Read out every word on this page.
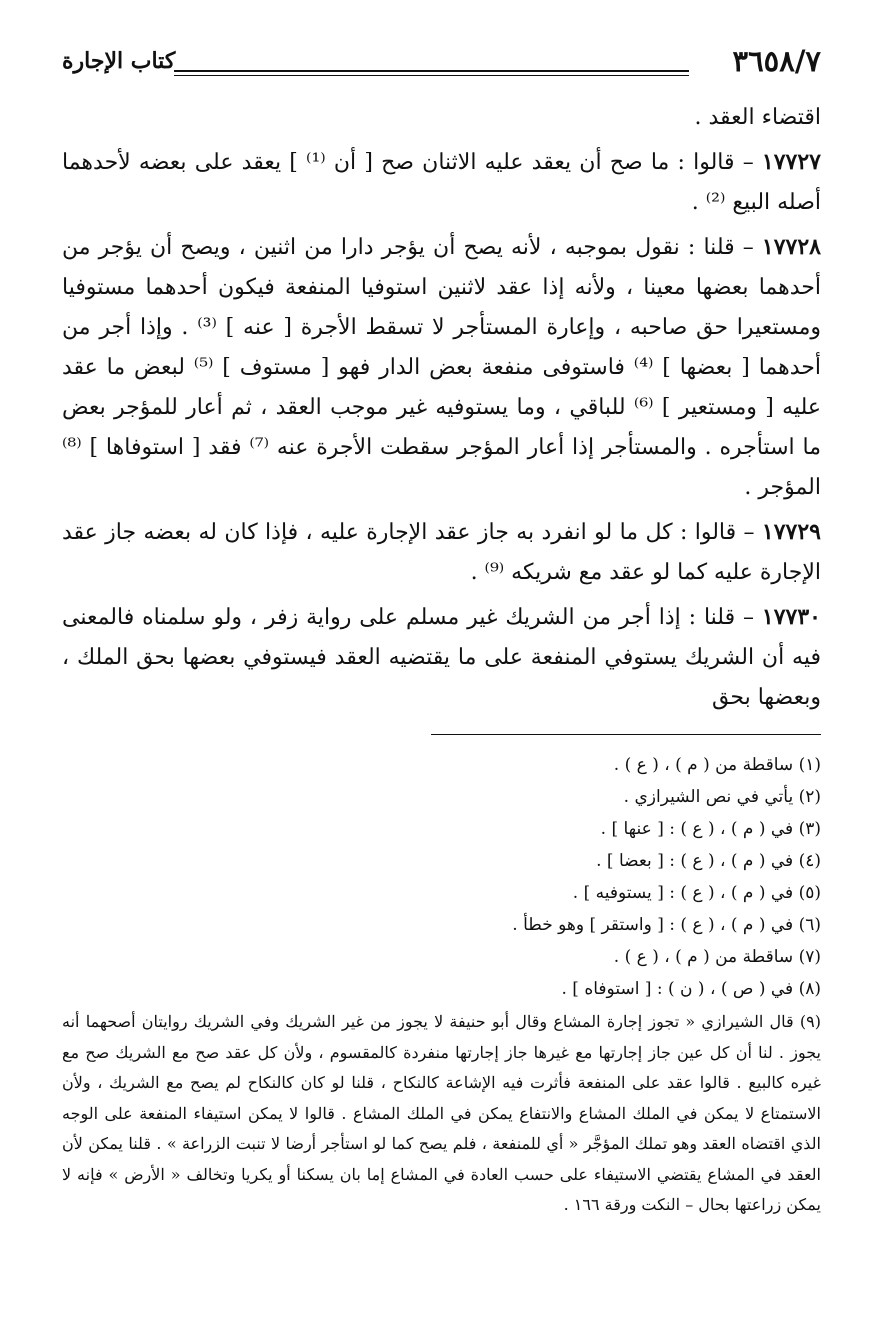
٣٦٥٨/٧
كتاب الإجارة

اقتضاء العقد .

١٧٧٢٧ – قالوا : ما صح أن يعقد عليه الاثنان صح [ أن ⁽¹⁾ ] يعقد على بعضه لأحدهما أصله البيع ⁽²⁾ .

١٧٧٢٨ – قلنا : نقول بموجبه ، لأنه يصح أن يؤجر دارا من اثنين ، ويصح أن يؤجر من أحدهما بعضها معينا ، ولأنه إذا عقد لاثنين استوفيا المنفعة فيكون أحدهما مستوفيا ومستعيرا حق صاحبه ، وإعارة المستأجر لا تسقط الأجرة [ عنه ] ⁽³⁾ . وإذا أجر من أحدهما [ بعضها ] ⁽⁴⁾ فاستوفى منفعة بعض الدار فهو [ مستوف ] ⁽⁵⁾ لبعض ما عقد عليه [ ومستعير ] ⁽⁶⁾ للباقي ، وما يستوفيه غير موجب العقد ، ثم أعار للمؤجر بعض ما استأجره . والمستأجر إذا أعار المؤجر سقطت الأجرة عنه ⁽⁷⁾ فقد [ استوفاها ] ⁽⁸⁾ المؤجر .

١٧٧٢٩ – قالوا : كل ما لو انفرد به جاز عقد الإجارة عليه ، فإذا كان له بعضه جاز عقد الإجارة عليه كما لو عقد مع شريكه ⁽⁹⁾ .

١٧٧٣٠ – قلنا : إذا أجر من الشريك غير مسلم على رواية زفر ، ولو سلمناه فالمعنى فيه أن الشريك يستوفي المنفعة على ما يقتضيه العقد فيستوفي بعضها بحق الملك ، وبعضها بحق

(١) ساقطة من ( م ) ، ( ع ) .

(٢) يأتي في نص الشيرازي .

(٣) في ( م ) ، ( ع ) : [ عنها ] .

(٤) في ( م ) ، ( ع ) : [ بعضا ] .

(٥) في ( م ) ، ( ع ) : [ يستوفيه ] .

(٦) في ( م ) ، ( ع ) : [ واستقر ] وهو خطأ .

(٧) ساقطة من ( م ) ، ( ع ) .

(٨) في ( ص ) ، ( ن ) : [ استوفاه ] .

(٩) قال الشيرازي « تجوز إجارة المشاع وقال أبو حنيفة لا يجوز من غير الشريك وفي الشريك روايتان أصحهما أنه يجوز . لنا أن كل عين جاز إجارتها مع غيرها جاز إجارتها منفردة كالمقسوم ، ولأن كل عقد صح مع الشريك صح مع غيره كالبيع . قالوا عقد على المنفعة فأثرت فيه الإشاعة كالنكاح ، قلنا لو كان كالنكاح لم يصح مع الشريك ، ولأن الاستمتاع لا يمكن في الملك المشاع والانتفاع يمكن في الملك المشاع . قالوا لا يمكن استيفاء المنفعة على الوجه الذي اقتضاه العقد وهو تملك المؤجَّر « أي للمنفعة ، فلم يصح كما لو استأجر أرضا لا تنبت الزراعة » . قلنا يمكن لأن العقد في المشاع يقتضي الاستيفاء على حسب العادة في المشاع إما بان يسكنا أو يكريا وتخالف « الأرض » فإنه لا يمكن زراعتها بحال – النكت ورقة ١٦٦ .
